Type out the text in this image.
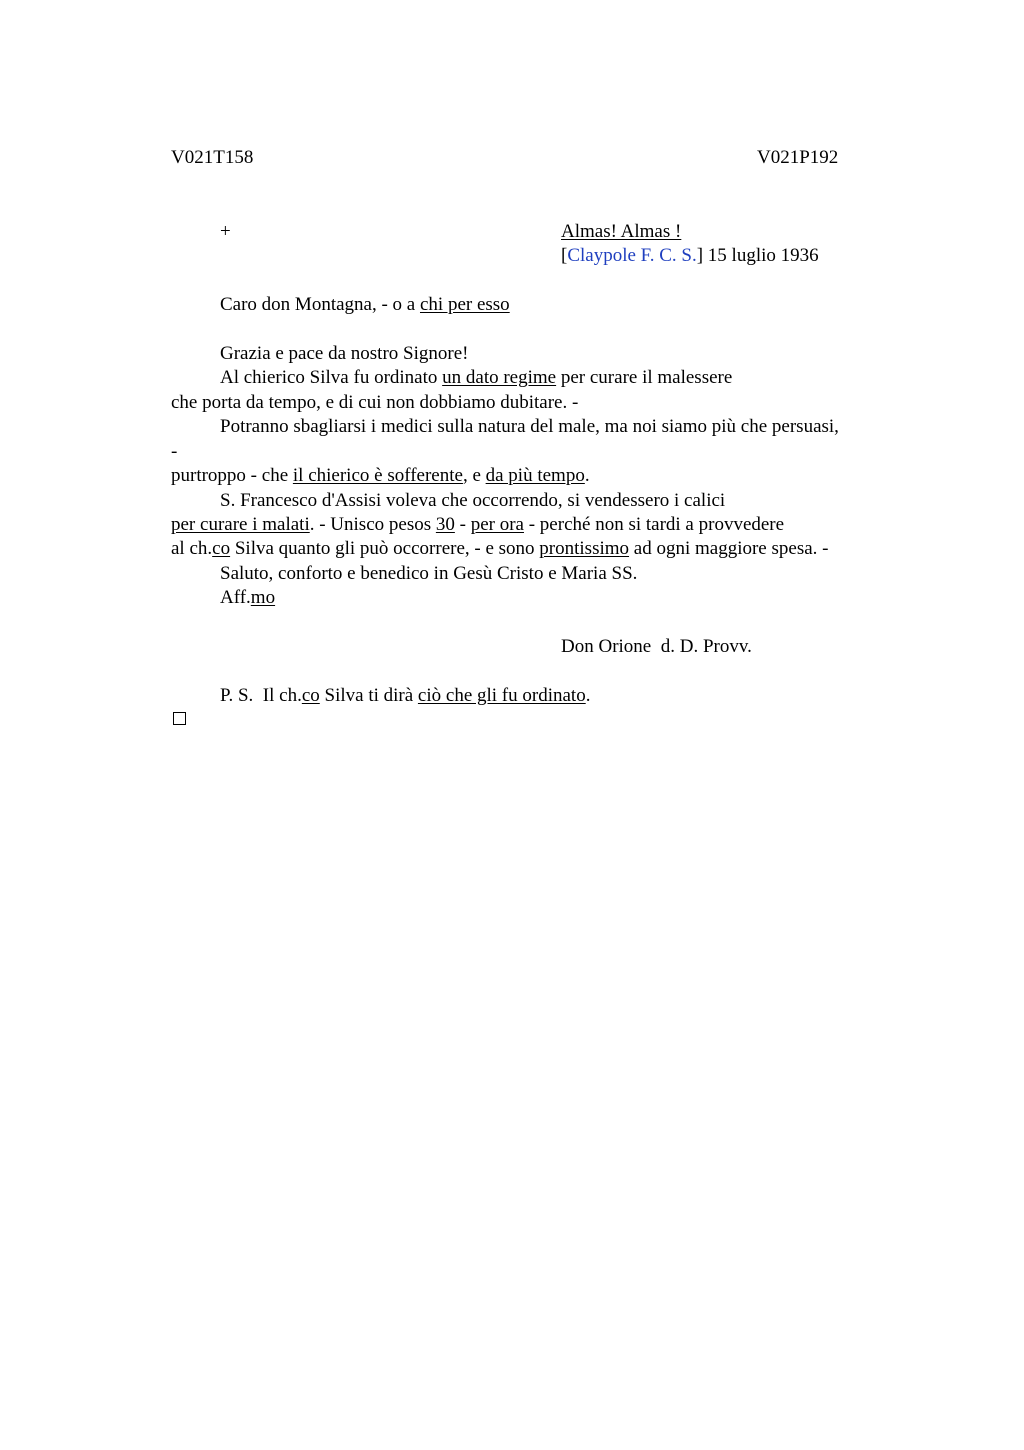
V021T158	V021P192
+	Almas! Almas !
[Claypole F. C. S.] 15 luglio 1936
Caro don Montagna, - o a chi per esso
Grazia e pace da nostro Signore!
Al chierico Silva fu ordinato un dato regime per curare il malessere
che porta da tempo, e di cui non dobbiamo dubitare. -
Potranno sbagliarsi i medici sulla natura del male, ma noi siamo più che persuasi,
-
purtroppo - che il chierico è sofferente, e da più tempo.
S. Francesco d'Assisi voleva che occorrendo, si vendessero i calici
per curare i malati. - Unisco pesos 30 - per ora - perché non si tardi a provvedere
al ch.co Silva quanto gli può occorrere, - e sono prontissimo ad ogni maggiore spesa. -
Saluto, conforto e benedico in Gesù Cristo e Maria SS.
Aff.mo
Don Orione  d. D. Provv.
P. S.  Il ch.co Silva ti dirà ciò che gli fu ordinato.
